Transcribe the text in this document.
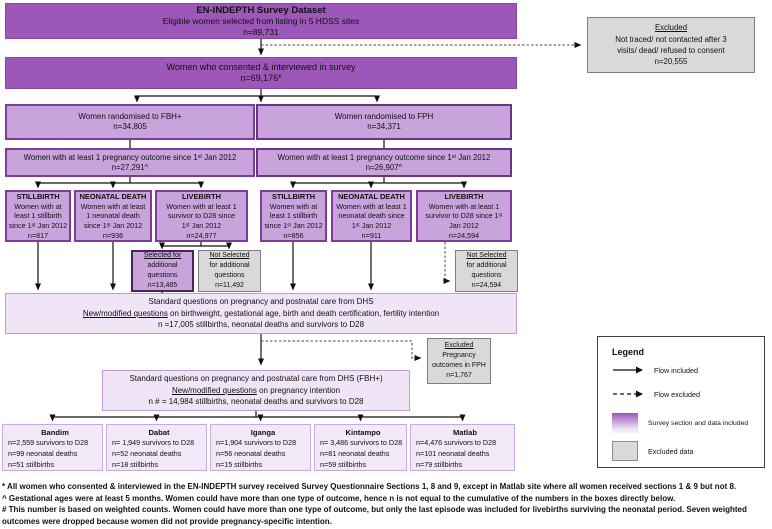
EN-INDEPTH Survey Dataset
Eligible women selected from listing in 5 HDSS sites
n=89,731	Excluded
Not traced/ not contacted after 3
visits/ dead/ refused to consent
n=20,555
Women who consented & interviewed in survey
n=69,176*
Women randomised to FBH+
n=34,805
Women randomised to FPH
n=34,371
Women with at least 1 pregnancy outcome since 1ˢᵗ Jan 2012
n=27,291^
Women with at least 1 pregnancy outcome since 1ˢᵗ Jan 2012
n=26,907^
STILLBIRTH
Women with at
least 1 stillbirth
since 1ˢᵗ Jan 2012
n=817
NEONATAL DEATH
Women with at least
1 neonatal death
since 1ˢᵗ Jan 2012
n=936
LIVEBIRTH
Women with at least 1
survivor to D28 since
1ˢᵗ Jan 2012
n=24,977
STILLBIRTH
Women with at
least 1 stillbirth
since 1ˢᵗ Jan 2012
n=856
NEONATAL DEATH
Women with at least 1
neonatal death since
1ˢᵗ Jan 2012
n=911
LIVEBIRTH
Women with at least 1
survivor to D28 since 1ˢᵗ
Jan 2012
n=24,594
Selected for
additional
questions
n=13,485
Not Selected
for additional
questions
n=11,492
Not Selected
for additional
questions
n=24,594
Standard questions on pregnancy and postnatal care from DHS
New/modified questions on birthweight, gestational age, birth and death certification, fertility intention
n =17,005 stillbirths, neonatal deaths and survivors to D28
Excluded
Pregnancy
outcomes in FPH
n=1,767
Standard questions on pregnancy and postnatal care from DHS (FBH+)
New/modified questions on pregnancy intention
n # = 14,984 stillbirths, neonatal deaths and survivors to D28
Bandim
n=2,559 survivors to D28
n=99 neonatal deaths
n=51 stillbirths
Dabat
n= 1,949 survivors to D28
n=52 neonatal deaths
n=18 stillbirths
Iganga
n=1,904 survivors to D28
n=56 neonatal deaths
n=15 stillbirths
Kintampo
n= 3,486 survivors to D28
n=81 neonatal deaths
n=59 stillbirths
Matlab
n=4,476 survivors to D28
n=101 neonatal deaths
n=79 stillbirths
Legend
Flow included
Flow excluded
Survey section and data included
Excluded data
* All women who consented & interviewed in the EN-INDEPTH survey received Survey Questionnaire Sections 1, 8 and 9, except in Matlab site where all women received sections 1 & 9 but not 8.
^ Gestational ages were at least 5 months. Women could have more than one type of outcome, hence n is not equal to the cumulative of the numbers in the boxes directly below.
# This number is based on weighted counts. Women could have more than one type of outcome, but only the last episode was included for livebirths surviving the neonatal period. Seven weighted
outcomes were dropped because women did not provide pregnancy-specific intention.
